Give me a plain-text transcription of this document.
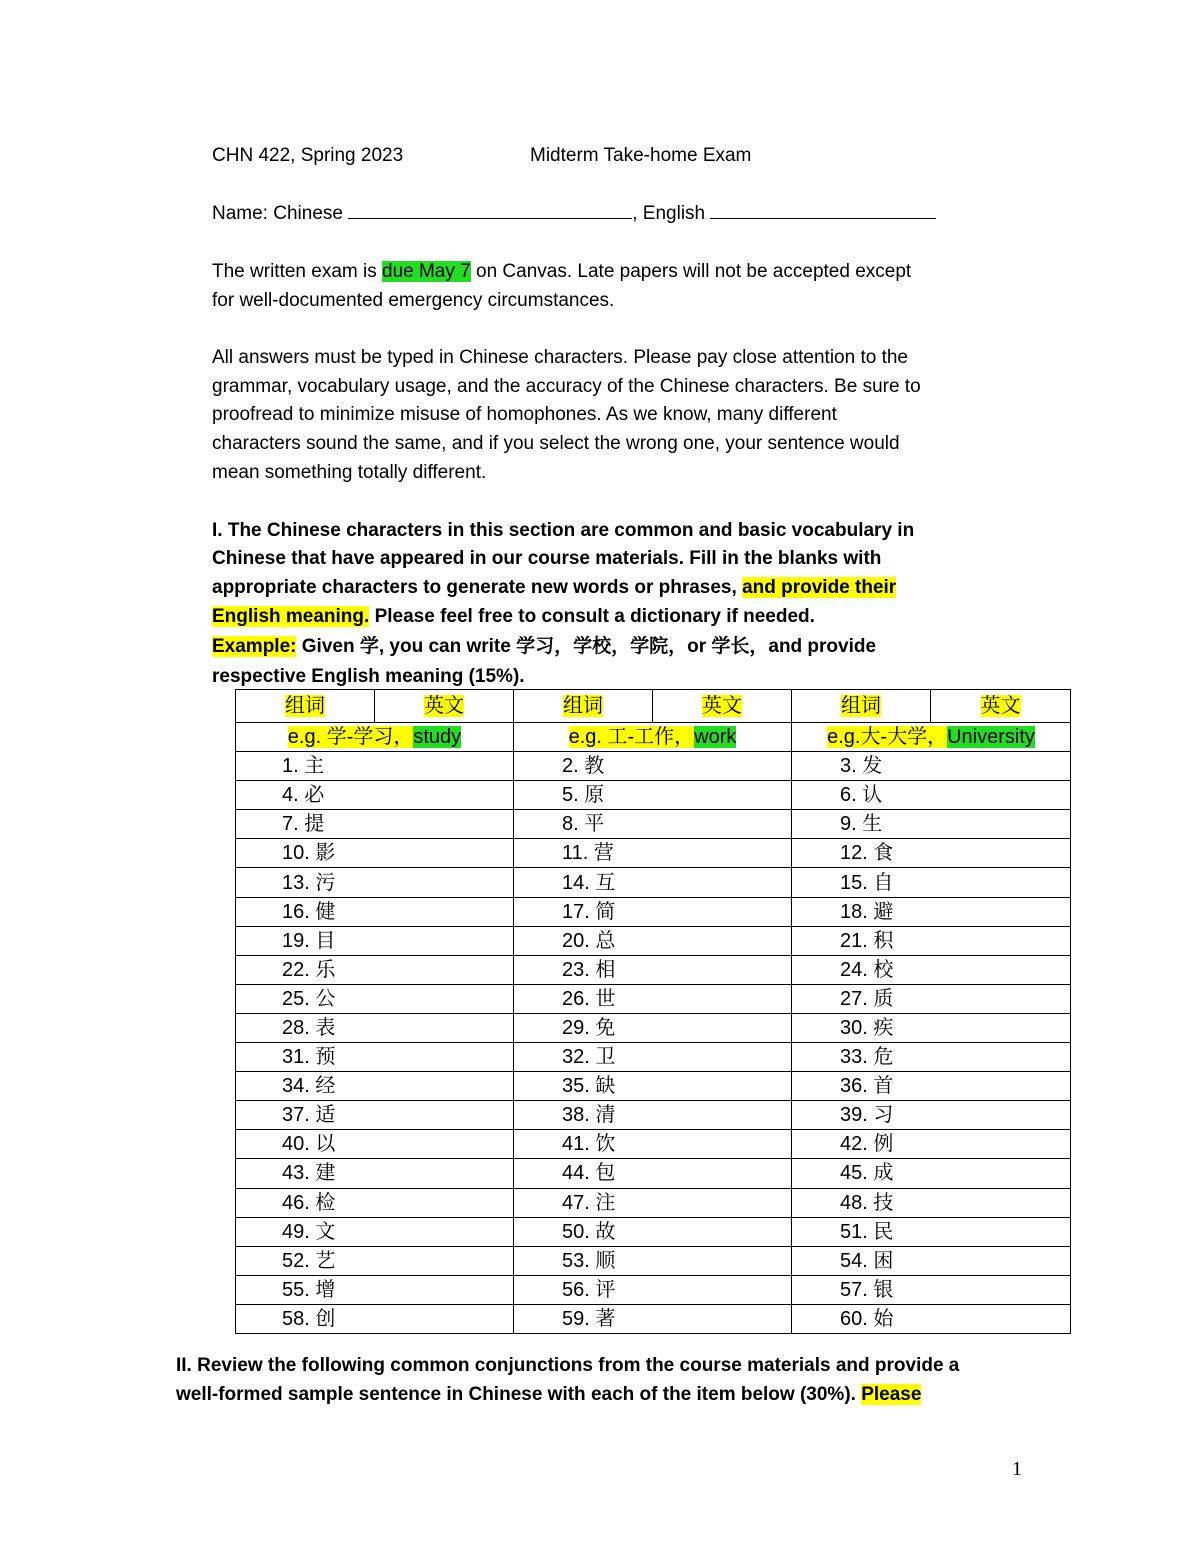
CHN 422, Spring 2023	Midterm Take-home Exam
Name: Chinese	, English
The written exam is due May 7 on Canvas. Late papers will not be accepted except
for well-documented emergency circumstances.
All answers must be typed in Chinese characters. Please pay close attention to the
grammar, vocabulary usage, and the accuracy of the Chinese characters. Be sure to
proofread to minimize misuse of homophones. As we know, many different
characters sound the same, and if you select the wrong one, your sentence would
mean something totally different.
I. The Chinese characters in this section are common and basic vocabulary in
Chinese that have appeared in our course materials. Fill in the blanks with
appropriate characters to generate new words or phrases, and provide their
English meaning. Please feel free to consult a dictionary if needed.
Example: Given 学, you can write 学习，学校，学院，or 学长，and provide
respective English meaning (15%).
组词	英文	组词	英文	组词	英文
e.g. 学-学习，study		e.g. 工-工作，work		e.g.大-大学，University	
1. 主		2. 教		3. 发	
4. 必		5. 原		6. 认	
7. 提		8. 平		9. 生	
10. 影		11. 营		12. 食	
13. 污		14. 互		15. 自	
16. 健		17. 简		18. 避	
19. 目		20. 总		21. 积	
22. 乐		23. 相		24. 校	
25. 公		26. 世		27. 质	
28. 表		29. 免		30. 疾	
31. 预		32. 卫		33. 危	
34. 经		35. 缺		36. 首	
37. 适		38. 清		39. 习	
40. 以		41. 饮		42. 例	
43. 建		44. 包		45. 成	
46. 检		47. 注		48. 技	
49. 文		50. 故		51. 民	
52. 艺		53. 顺		54. 困	
55. 增		56. 评		57. 银	
58. 创		59. 著		60. 始	
II. Review the following common conjunctions from the course materials and provide a
well-formed sample sentence in Chinese with each of the item below (30%). Please
1
